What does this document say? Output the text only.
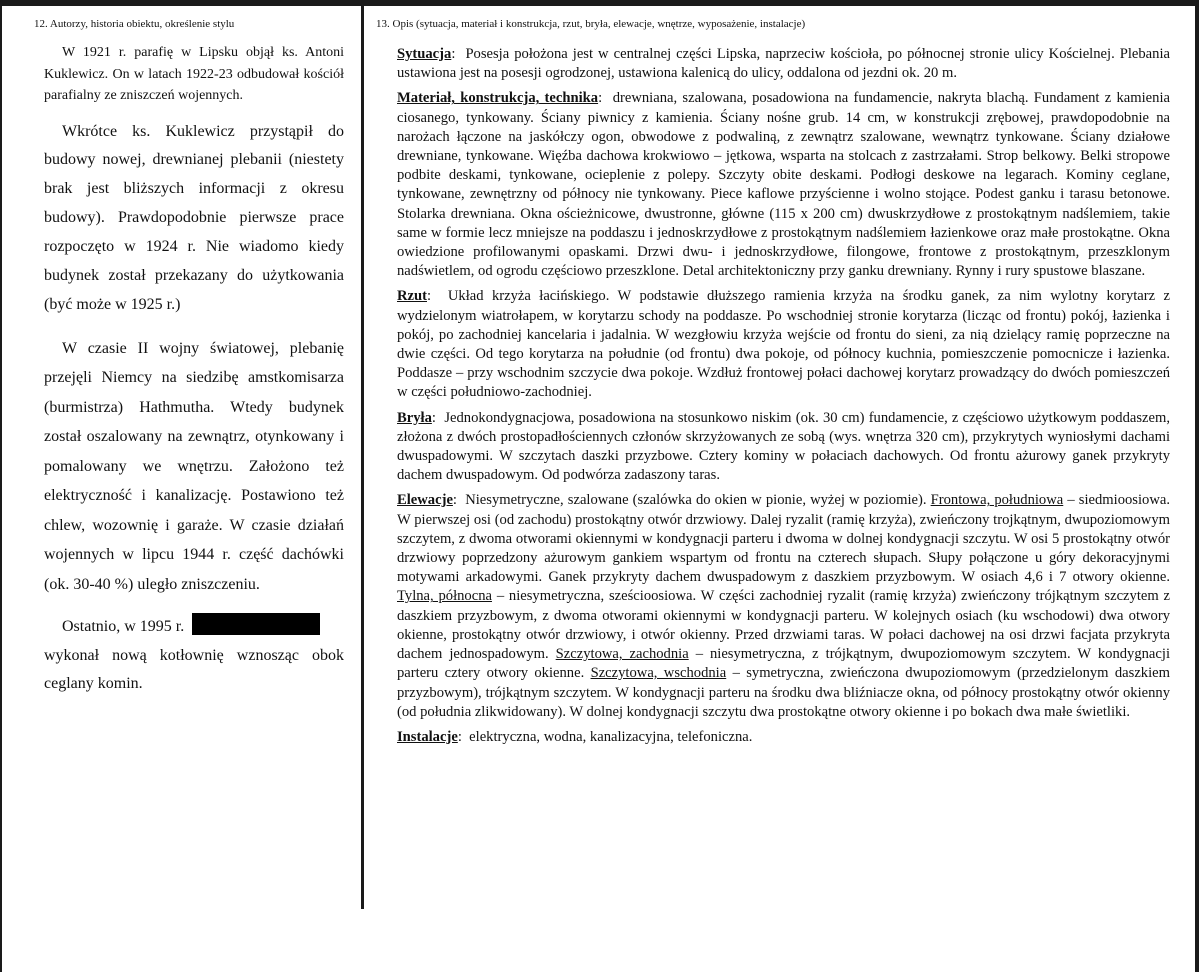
12. Autorzy, historia obiektu, określenie stylu	13. Opis (sytuacja, materiał i konstrukcja, rzut, bryła, elewacje, wnętrze, wyposażenie, instalacje)

W 1921 r. parafię w Lipsku objął ks. Antoni Kuklewicz. On w latach 1922-23 odbudował kościół parafialny ze zniszczeń wojennych.

Wkrótce ks. Kuklewicz przystąpił do budowy nowej, drewnianej plebanii (niestety brak jest bliższych informacji z okresu budowy). Prawdopodobnie pierwsze prace rozpoczęto w 1924 r. Nie wiadomo kiedy budynek został przekazany do użytkowania (być może w 1925 r.)

W czasie II wojny światowej, plebanię przejęli Niemcy na siedzibę amstkomisarza (burmistrza) Hathmutha. Wtedy budynek został oszalowany na zewnątrz, otynkowany i pomalowany we wnętrzu. Założono też elektryczność i kanalizację. Postawiono też chlew, wozownię i garaże. W czasie działań wojennych w lipcu 1944 r. część dachówki (ok. 30-40 %) uległo zniszczeniu.

Ostatnio, w 1995 r.
wykonał nową kotłownię wznosząc obok ceglany komin.

Sytuacja:  Posesja położona jest w centralnej części Lipska, naprzeciw kościoła, po północnej stronie ulicy Kościelnej. Plebania ustawiona jest na posesji ogrodzonej, ustawiona kalenicą do ulicy, oddalona od jezdni ok. 20 m.

Materiał, konstrukcja, technika:  drewniana, szalowana, posadowiona na fundamencie, nakryta blachą. Fundament z kamienia ciosanego, tynkowany. Ściany piwnicy z kamienia. Ściany nośne grub. 14 cm, w konstrukcji zrębowej, prawdopodobnie na narożach łączone na jaskółczy ogon, obwodowe z podwaliną, z zewnątrz szalowane, wewnątrz tynkowane. Ściany działowe drewniane, tynkowane. Więźba dachowa krokwiowo – jętkowa, wsparta na stolcach z zastrzałami. Strop belkowy. Belki stropowe podbite deskami, tynkowane, ocieplenie z polepy. Szczyty obite deskami. Podłogi deskowe na legarach. Kominy ceglane, tynkowane, zewnętrzny od północy nie tynkowany. Piece kaflowe przyścienne i wolno stojące. Podest ganku i tarasu betonowe. Stolarka drewniana. Okna ościeżnicowe, dwustronne, główne (115 x 200 cm) dwuskrzydłowe z prostokątnym nadślemiem, takie same w formie lecz mniejsze na poddaszu i jednoskrzydłowe z prostokątnym nadślemiem łazienkowe oraz małe prostokątne. Okna owiedzione profilowanymi opaskami. Drzwi dwu- i jednoskrzydłowe, filongowe, frontowe z prostokątnym, przeszklonym nadświetlem, od ogrodu częściowo przeszklone. Detal architektoniczny przy ganku drewniany. Rynny i rury spustowe blaszane.

Rzut:  Układ krzyża łacińskiego. W podstawie dłuższego ramienia krzyża na środku ganek, za nim wylotny korytarz z wydzielonym wiatrołapem, w korytarzu schody na poddasze. Po wschodniej stronie korytarza (licząc od frontu) pokój, łazienka i pokój, po zachodniej kancelaria i jadalnia. W wezgłowiu krzyża wejście od frontu do sieni, za nią dzielący ramię poprzeczne na dwie części. Od tego korytarza na południe (od frontu) dwa pokoje, od północy kuchnia, pomieszczenie pomocnicze i łazienka. Poddasze – przy wschodnim szczycie dwa pokoje. Wzdłuż frontowej połaci dachowej korytarz prowadzący do dwóch pomieszczeń w części południowo-zachodniej.

Bryła:  Jednokondygnacjowa, posadowiona na stosunkowo niskim (ok. 30 cm) fundamencie, z częściowo użytkowym poddaszem, złożona z dwóch prostopadłościennych członów skrzyżowanych ze sobą (wys. wnętrza 320 cm), przykrytych wyniosłymi dachami dwuspadowymi. W szczytach daszki przyzbowe. Cztery kominy w połaciach dachowych. Od frontu ażurowy ganek przykryty dachem dwuspadowym. Od podwórza zadaszony taras.

Elewacje:  Niesymetryczne, szalowane (szalówka do okien w pionie, wyżej w poziomie). Frontowa, południowa – siedmioosiowa. W pierwszej osi (od zachodu) prostokątny otwór drzwiowy. Dalej ryzalit (ramię krzyża), zwieńczony trojkątnym, dwupoziomowym szczytem, z dwoma otworami okiennymi w kondygnacji parteru i dwoma w dolnej kondygnacji szczytu. W osi 5 prostokątny otwór drzwiowy poprzedzony ażurowym gankiem wspartym od frontu na czterech słupach. Słupy połączone u góry dekoracyjnymi motywami arkadowymi. Ganek przykryty dachem dwuspadowym z daszkiem przyzbowym. W osiach 4,6 i 7 otwory okienne. Tylna, północna – niesymetryczna, sześcioosiowa. W części zachodniej ryzalit (ramię krzyża) zwieńczony trójkątnym szczytem z daszkiem przyzbowym, z dwoma otworami okiennymi w kondygnacji parteru. W kolejnych osiach (ku wschodowi) dwa otwory okienne, prostokątny otwór drzwiowy, i otwór okienny. Przed drzwiami taras. W połaci dachowej na osi drzwi facjata przykryta dachem jednospadowym. Szczytowa, zachodnia – niesymetryczna, z trójkątnym, dwupoziomowym szczytem. W kondygnacji parteru cztery otwory okienne. Szczytowa, wschodnia – symetryczna, zwieńczona dwupoziomowym (przedzielonym daszkiem przyzbowym), trójkątnym szczytem. W kondygnacji parteru na środku dwa bliźniacze okna, od północy prostokątny otwór okienny (od południa zlikwidowany). W dolnej kondygnacji szczytu dwa prostokątne otwory okienne i po bokach dwa małe świetlikі.

Instalacje:  elektryczna, wodna, kanalizacyjna, telefoniczna.
